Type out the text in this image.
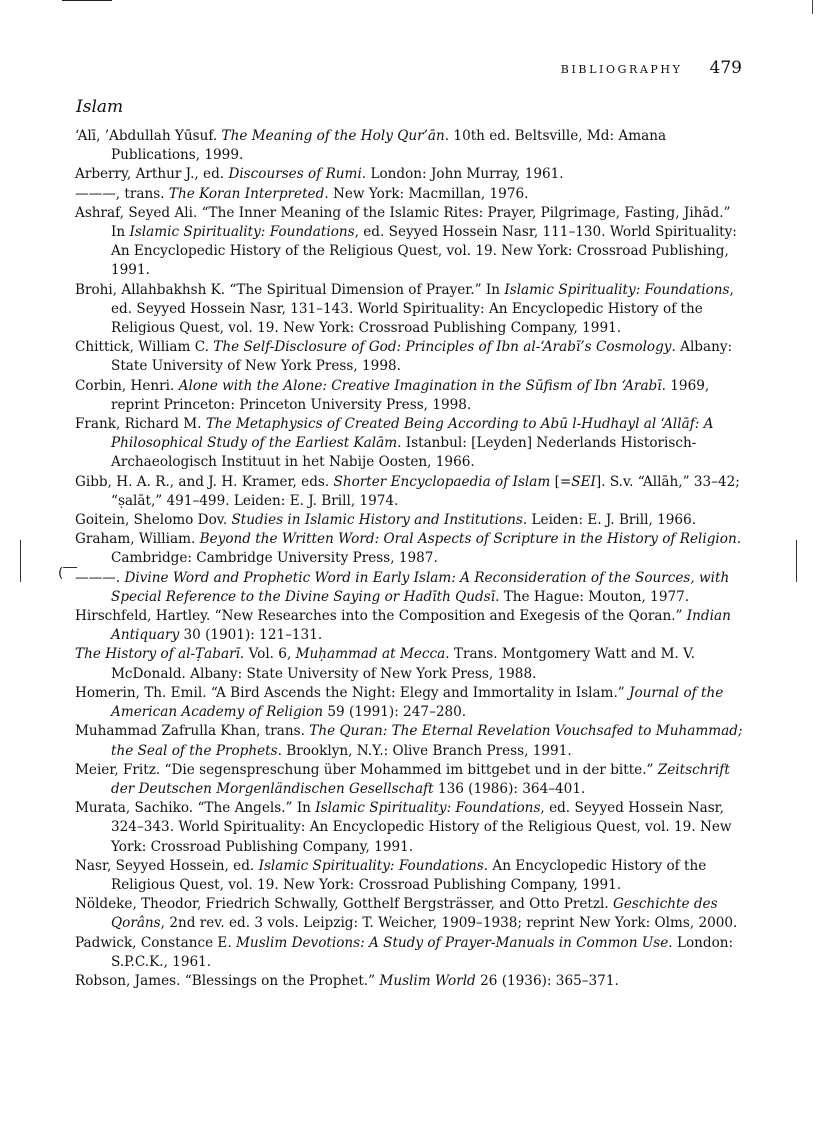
(‾‾
BIBLIOGRAPHY 479
Islam
‘Alī, ’Abdullah Yūsuf. The Meaning of the Holy Qur’ān. 10th ed. Beltsville, Md: Amana Publications, 1999.
Arberry, Arthur J., ed. Discourses of Rumi. London: John Murray, 1961.
———, trans. The Koran Interpreted. New York: Macmillan, 1976.
Ashraf, Seyed Ali. “The Inner Meaning of the Islamic Rites: Prayer, Pilgrimage, Fasting, Jihād.” In Islamic Spirituality: Foundations, ed. Seyyed Hossein Nasr, 111–130. World Spirituality: An Encyclopedic History of the Religious Quest, vol. 19. New York: Crossroad Publishing, 1991.
Brohi, Allahbakhsh K. “The Spiritual Dimension of Prayer.” In Islamic Spirituality: Foundations, ed. Seyyed Hossein Nasr, 131–143. World Spirituality: An Encyclopedic History of the Religious Quest, vol. 19. New York: Crossroad Publishing Company, 1991.
Chittick, William C. The Self-Disclosure of God: Principles of Ibn al-‘Arabī’s Cosmology. Albany: State University of New York Press, 1998.
Corbin, Henri. Alone with the Alone: Creative Imagination in the Sūfism of Ibn ‘Arabī. 1969, reprint Princeton: Princeton University Press, 1998.
Frank, Richard M. The Metaphysics of Created Being According to Abū l-Hudhayl al ‘Allāf: A Philosophical Study of the Earliest Kalām. Istanbul: [Leyden] Nederlands Historisch-Archaeologisch Instituut in het Nabije Oosten, 1966.
Gibb, H. A. R., and J. H. Kramer, eds. Shorter Encyclopaedia of Islam [=SEI]. S.v. “Allāh,” 33–42; “ṣalāt,” 491–499. Leiden: E. J. Brill, 1974.
Goitein, Shelomo Dov. Studies in Islamic History and Institutions. Leiden: E. J. Brill, 1966.
Graham, William. Beyond the Written Word: Oral Aspects of Scripture in the History of Religion. Cambridge: Cambridge University Press, 1987.
———. Divine Word and Prophetic Word in Early Islam: A Reconsideration of the Sources, with Special Reference to the Divine Saying or Hadīth Qudsī. The Hague: Mouton, 1977.
Hirschfeld, Hartley. “New Researches into the Composition and Exegesis of the Qoran.” Indian Antiquary 30 (1901): 121–131.
The History of al-Ṭabarī. Vol. 6, Muḥammad at Mecca. Trans. Montgomery Watt and M. V. McDonald. Albany: State University of New York Press, 1988.
Homerin, Th. Emil. “A Bird Ascends the Night: Elegy and Immortality in Islam.” Journal of the American Academy of Religion 59 (1991): 247–280.
Muhammad Zafrulla Khan, trans. The Quran: The Eternal Revelation Vouchsafed to Muhammad; the Seal of the Prophets. Brooklyn, N.Y.: Olive Branch Press, 1991.
Meier, Fritz. “Die segenspreschung über Mohammed im bittgebet und in der bitte.” Zeitschrift der Deutschen Morgenländischen Gesellschaft 136 (1986): 364–401.
Murata, Sachiko. “The Angels.” In Islamic Spirituality: Foundations, ed. Seyyed Hossein Nasr, 324–343. World Spirituality: An Encyclopedic History of the Religious Quest, vol. 19. New York: Crossroad Publishing Company, 1991.
Nasr, Seyyed Hossein, ed. Islamic Spirituality: Foundations. An Encyclopedic History of the Religious Quest, vol. 19. New York: Crossroad Publishing Company, 1991.
Nöldeke, Theodor, Friedrich Schwally, Gotthelf Bergsträsser, and Otto Pretzl. Geschichte des Qorâns, 2nd rev. ed. 3 vols. Leipzig: T. Weicher, 1909–1938; reprint New York: Olms, 2000.
Padwick, Constance E. Muslim Devotions: A Study of Prayer-Manuals in Common Use. London: S.P.C.K., 1961.
Robson, James. “Blessings on the Prophet.” Muslim World 26 (1936): 365–371.
